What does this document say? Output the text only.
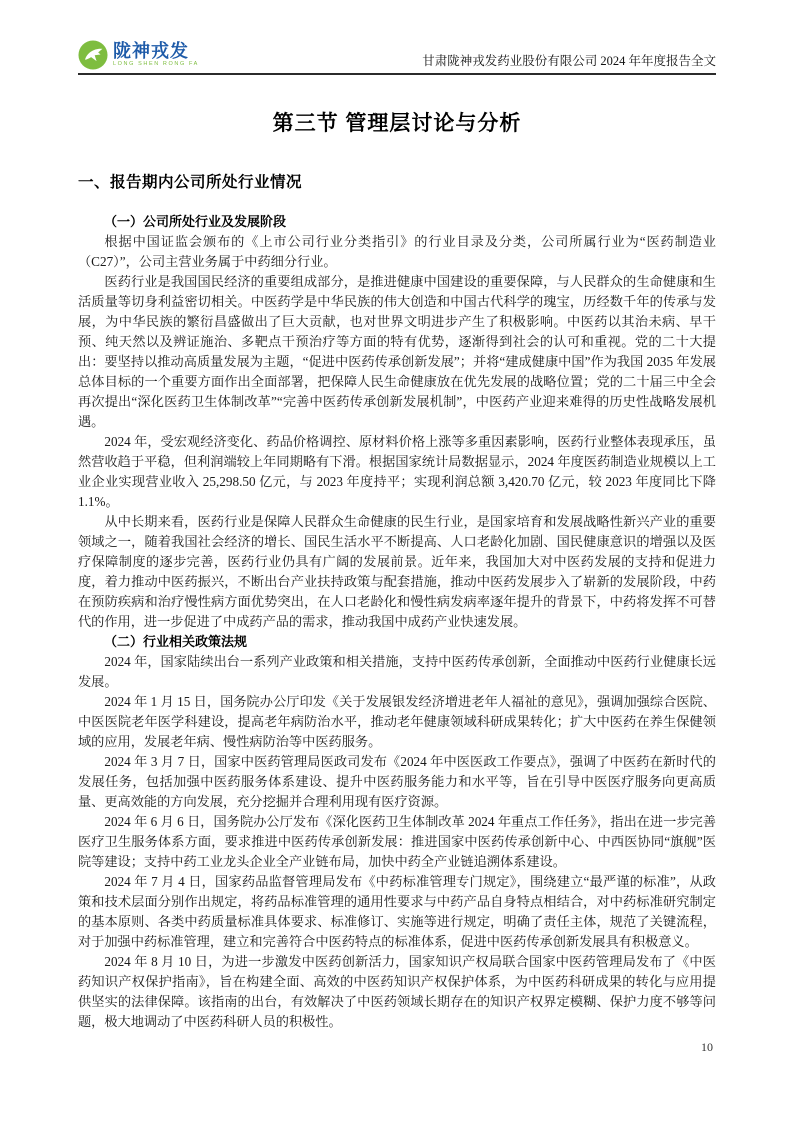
陇神戎发
LONG SHEN RONG FA	甘肃陇神戎发药业股份有限公司 2024 年年度报告全文
第三节 管理层讨论与分析
一、报告期内公司所处行业情况
（一）公司所处行业及发展阶段

根据中国证监会颁布的《上市公司行业分类指引》的行业目录及分类，公司所属行业为“医药制造业（C27）”，公司主营业务属于中药细分行业。

医药行业是我国国民经济的重要组成部分，是推进健康中国建设的重要保障，与人民群众的生命健康和生活质量等切身利益密切相关。中医药学是中华民族的伟大创造和中国古代科学的瑰宝，历经数千年的传承与发展，为中华民族的繁衍昌盛做出了巨大贡献，也对世界文明进步产生了积极影响。中医药以其治未病、早干预、纯天然以及辨证施治、多靶点干预治疗等方面的特有优势，逐渐得到社会的认可和重视。党的二十大提出：要坚持以推动高质量发展为主题，“促进中医药传承创新发展”；并将“建成健康中国”作为我国 2035 年发展总体目标的一个重要方面作出全面部署，把保障人民生命健康放在优先发展的战略位置；党的二十届三中全会再次提出“深化医药卫生体制改革”“完善中医药传承创新发展机制”，中医药产业迎来难得的历史性战略发展机遇。

2024 年，受宏观经济变化、药品价格调控、原材料价格上涨等多重因素影响，医药行业整体表现承压，虽然营收趋于平稳，但利润端较上年同期略有下滑。根据国家统计局数据显示，2024 年度医药制造业规模以上工业企业实现营业收入 25,298.50 亿元，与 2023 年度持平；实现利润总额 3,420.70 亿元，较 2023 年度同比下降 1.1%。

从中长期来看，医药行业是保障人民群众生命健康的民生行业，是国家培育和发展战略性新兴产业的重要领域之一，随着我国社会经济的增长、国民生活水平不断提高、人口老龄化加剧、国民健康意识的增强以及医疗保障制度的逐步完善，医药行业仍具有广阔的发展前景。近年来，我国加大对中医药发展的支持和促进力度，着力推动中医药振兴，不断出台产业扶持政策与配套措施，推动中医药发展步入了崭新的发展阶段，中药在预防疾病和治疗慢性病方面优势突出，在人口老龄化和慢性病发病率逐年提升的背景下，中药将发挥不可替代的作用，进一步促进了中成药产品的需求，推动我国中成药产业快速发展。

（二）行业相关政策法规

2024 年，国家陆续出台一系列产业政策和相关措施，支持中医药传承创新，全面推动中医药行业健康长远发展。

2024 年 1 月 15 日，国务院办公厅印发《关于发展银发经济增进老年人福祉的意见》，强调加强综合医院、中医医院老年医学科建设，提高老年病防治水平，推动老年健康领域科研成果转化；扩大中医药在养生保健领域的应用，发展老年病、慢性病防治等中医药服务。

2024 年 3 月 7 日，国家中医药管理局医政司发布《2024 年中医医政工作要点》，强调了中医药在新时代的发展任务，包括加强中医药服务体系建设、提升中医药服务能力和水平等，旨在引导中医医疗服务向更高质量、更高效能的方向发展，充分挖掘并合理利用现有医疗资源。

2024 年 6 月 6 日，国务院办公厅发布《深化医药卫生体制改革 2024 年重点工作任务》，指出在进一步完善医疗卫生服务体系方面，要求推进中医药传承创新发展：推进国家中医药传承创新中心、中西医协同“旗舰”医院等建设；支持中药工业龙头企业全产业链布局，加快中药全产业链追溯体系建设。

2024 年 7 月 4 日，国家药品监督管理局发布《中药标准管理专门规定》，围绕建立“最严谨的标准”，从政策和技术层面分别作出规定，将药品标准管理的通用性要求与中药产品自身特点相结合，对中药标准研究制定的基本原则、各类中药质量标准具体要求、标准修订、实施等进行规定，明确了责任主体，规范了关键流程，对于加强中药标准管理，建立和完善符合中医药特点的标准体系，促进中医药传承创新发展具有积极意义。

2024 年 8 月 10 日，为进一步激发中医药创新活力，国家知识产权局联合国家中医药管理局发布了《中医药知识产权保护指南》，旨在构建全面、高效的中医药知识产权保护体系，为中医药科研成果的转化与应用提供坚实的法律保障。该指南的出台，有效解决了中医药领域长期存在的知识产权界定模糊、保护力度不够等问题，极大地调动了中医药科研人员的积极性。

10
